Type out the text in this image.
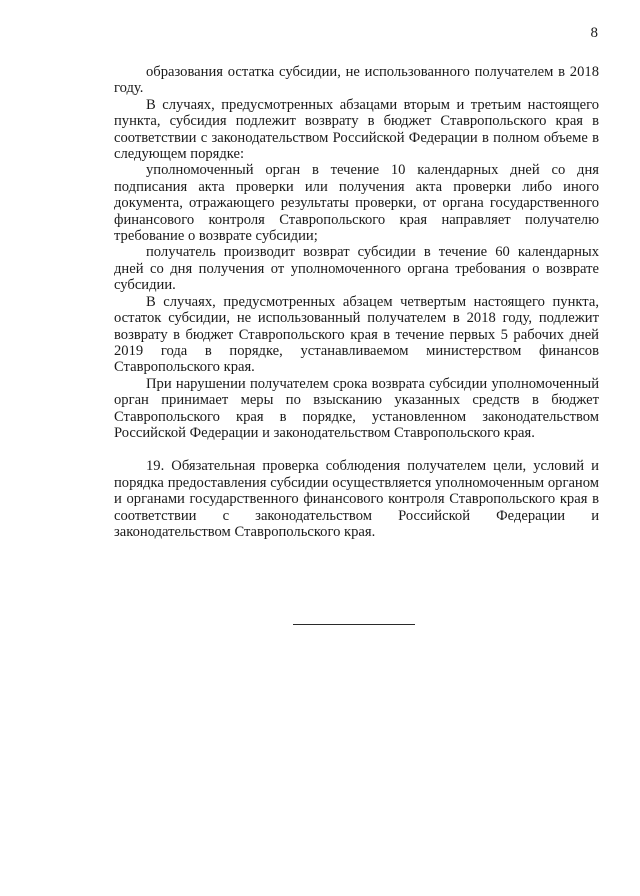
8

образования остатка субсидии, не использованного получателем в 2018 году.

В случаях, предусмотренных абзацами вторым и третьим настоящего пункта, субсидия подлежит возврату в бюджет Ставропольского края в соответствии с законодательством Российской Федерации в полном объеме в следующем порядке:

уполномоченный орган в течение 10 календарных дней со дня подписания акта проверки или получения акта проверки либо иного документа, отражающего результаты проверки, от органа государственного финансового контроля Ставропольского края направляет получателю требование о возврате субсидии;

получатель производит возврат субсидии в течение 60 календарных дней со дня получения от уполномоченного органа требования о возврате субсидии.

В случаях, предусмотренных абзацем четвертым настоящего пункта, остаток субсидии, не использованный получателем в 2018 году, подлежит возврату в бюджет Ставропольского края в течение первых 5 рабочих дней 2019 года в порядке, устанавливаемом министерством финансов Ставропольского края.

При нарушении получателем срока возврата субсидии уполномоченный орган принимает меры по взысканию указанных средств в бюджет Ставропольского края в порядке, установленном законодательством Российской Федерации и законодательством Ставропольского края.

19. Обязательная проверка соблюдения получателем цели, условий и порядка предоставления субсидии осуществляется уполномоченным органом и органами государственного финансового контроля Ставропольского края в соответствии с законодательством Российской Федерации и законодательством Ставропольского края.
